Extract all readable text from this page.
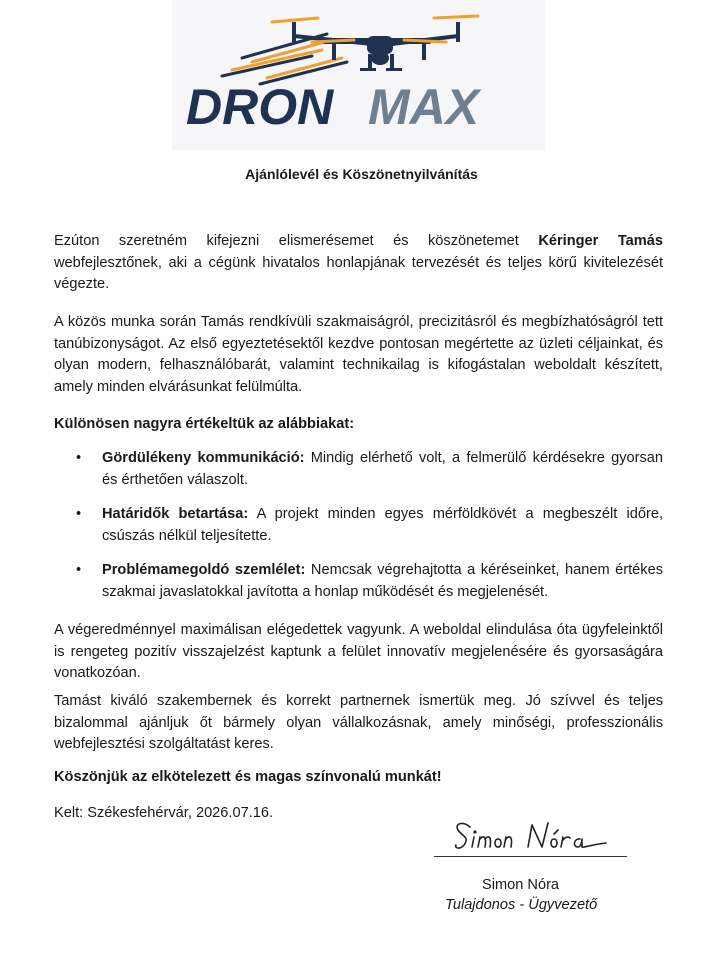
DRON MAX
Ajánlólevél és Köszönetnyilvánítás
Ezúton szeretném kifejezni elismerésemet és köszönetemet Kéringer Tamás webfejlesztőnek, aki a cégünk hivatalos honlapjának tervezését és teljes körű kivitelezését végezte.
A közös munka során Tamás rendkívüli szakmaiságról, precizitásról és megbízhatóságról tett tanúbizonyságot. Az első egyeztetésektől kezdve pontosan megértette az üzleti céljainkat, és olyan modern, felhasználóbarát, valamint technikailag is kifogástalan weboldalt készített, amely minden elvárásunkat felülmúlta.
Különösen nagyra értékeltük az alábbiakat:
• Gördülékeny kommunikáció: Mindig elérhető volt, a felmerülő kérdésekre gyorsan és érthetően válaszolt.
• Határidők betartása: A projekt minden egyes mérföldkövét a megbeszélt időre, csúszás nélkül teljesítette.
• Problémamegoldó szemlélet: Nemcsak végrehajtotta a kéréseinket, hanem értékes szakmai javaslatokkal javította a honlap működését és megjelenését.
A végeredménnyel maximálisan elégedettek vagyunk. A weboldal elindulása óta ügyfeleinktől is rengeteg pozitív visszajelzést kaptunk a felület innovatív megjelenésére és gyorsaságára vonatkozóan.
Tamást kiváló szakembernek és korrekt partnernek ismertük meg. Jó szívvel és teljes bizalommal ajánljuk őt bármely olyan vállalkozásnak, amely minőségi, professzionális webfejlesztési szolgáltatást keres.
Köszönjük az elkötelezett és magas színvonalú munkát!
Kelt: Székesfehérvár, 2026.07.16.
Simon Nóra
Tulajdonos - Ügyvezető
